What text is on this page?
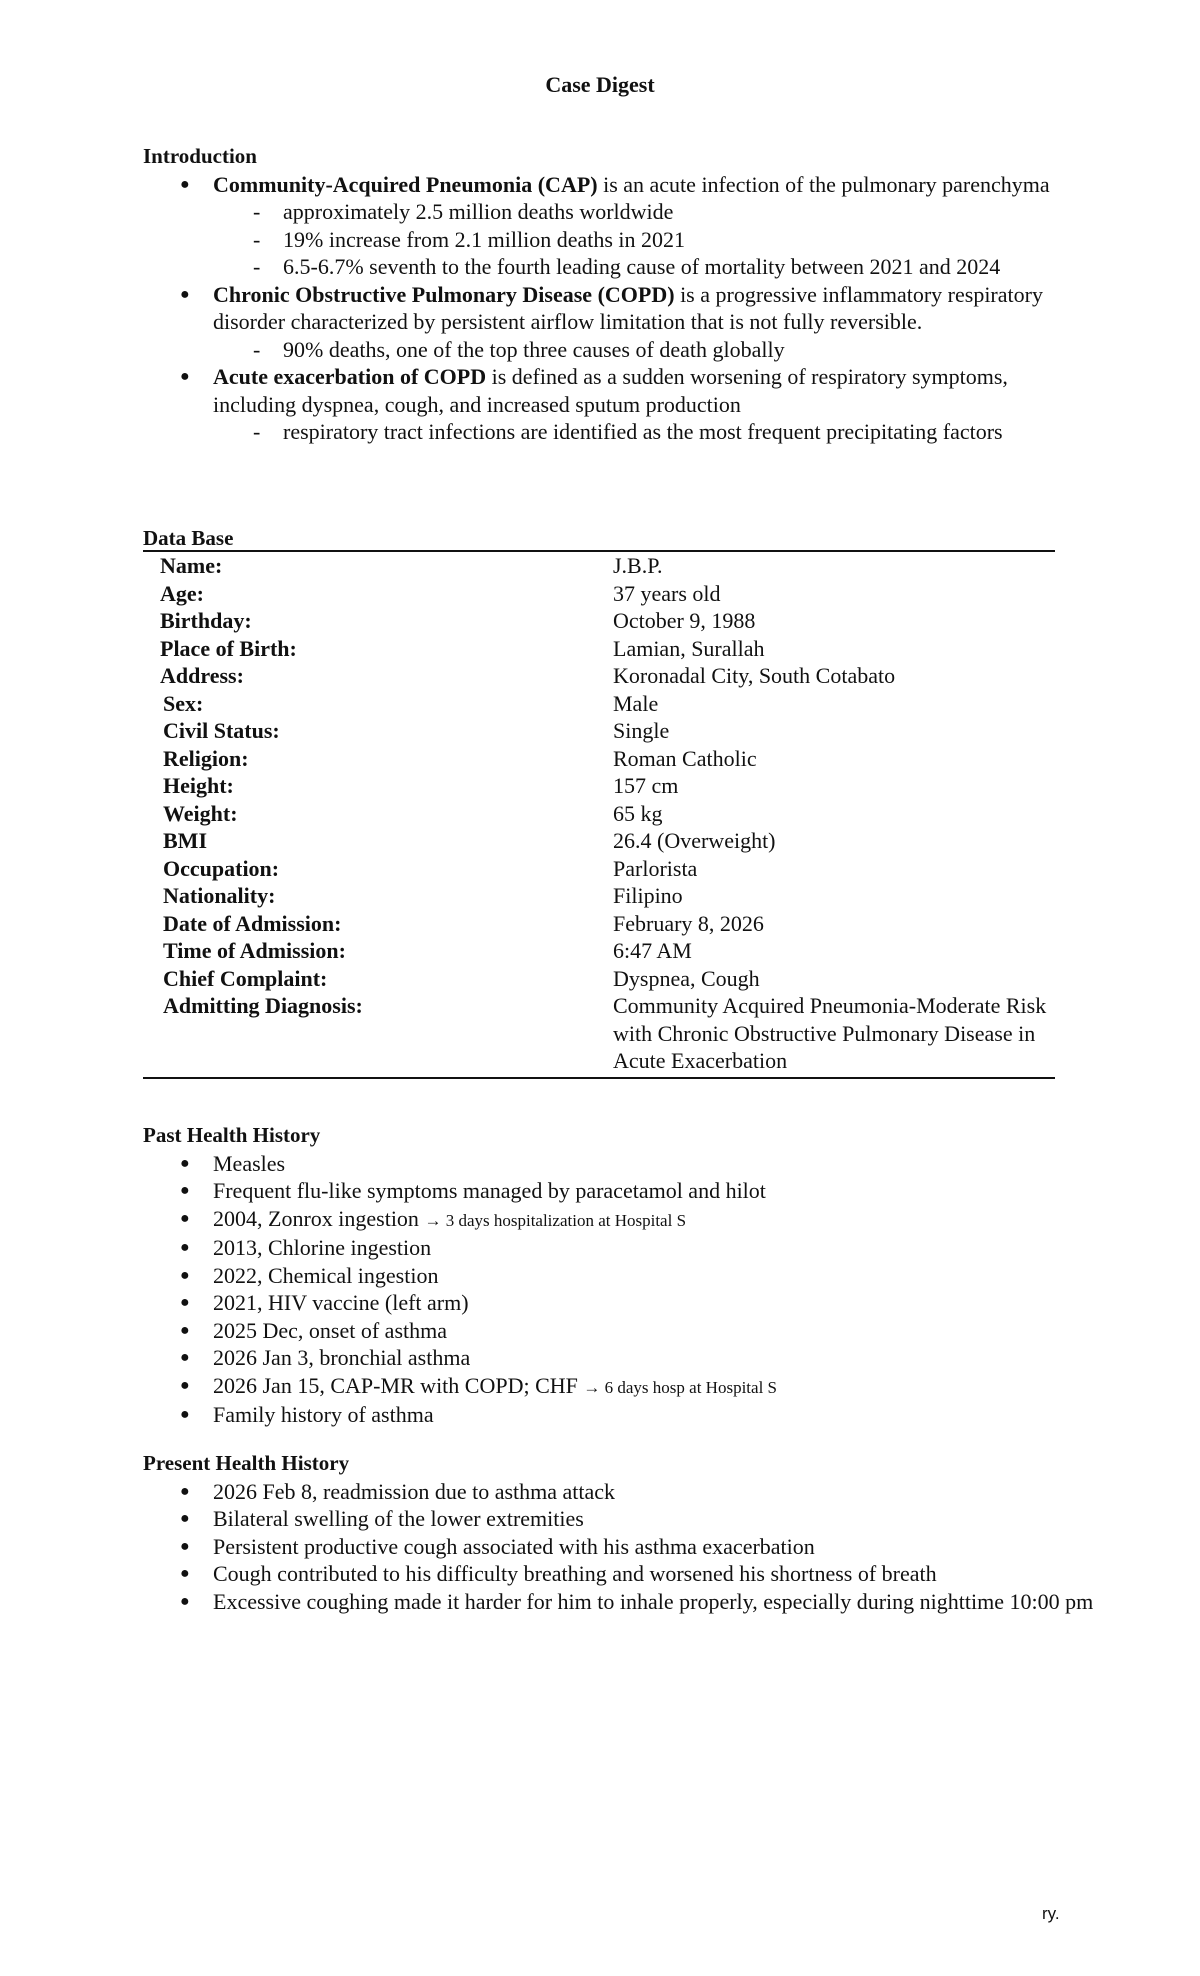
Case Digest
Introduction
● Community-Acquired Pneumonia (CAP) is an acute infection of the pulmonary parenchyma
- approximately 2.5 million deaths worldwide
- 19% increase from 2.1 million deaths in 2021
- 6.5-6.7% seventh to the fourth leading cause of mortality between 2021 and 2024
● Chronic Obstructive Pulmonary Disease (COPD) is a progressive inflammatory respiratory disorder characterized by persistent airflow limitation that is not fully reversible.
- 90% deaths, one of the top three causes of death globally
● Acute exacerbation of COPD is defined as a sudden worsening of respiratory symptoms, including dyspnea, cough, and increased sputum production
- respiratory tract infections are identified as the most frequent precipitating factors
Data Base
Name:	J.B.P.
Age:	37 years old
Birthday:	October 9, 1988
Place of Birth:	Lamian, Surallah
Address:	Koronadal City, South Cotabato
Sex:	Male
Civil Status:	Single
Religion:	Roman Catholic
Height:	157 cm
Weight:	65 kg
BMI	26.4 (Overweight)
Occupation:	Parlorista
Nationality:	Filipino
Date of Admission:	February 8, 2026
Time of Admission:	6:47 AM
Chief Complaint:	Dyspnea, Cough
Admitting Diagnosis:	Community Acquired Pneumonia-Moderate Risk with Chronic Obstructive Pulmonary Disease in Acute Exacerbation
Past Health History
● Measles
● Frequent flu-like symptoms managed by paracetamol and hilot
● 2004, Zonrox ingestion → 3 days hospitalization at Hospital S
● 2013, Chlorine ingestion
● 2022, Chemical ingestion
● 2021, HIV vaccine (left arm)
● 2025 Dec, onset of asthma
● 2026 Jan 3, bronchial asthma
● 2026 Jan 15, CAP-MR with COPD; CHF → 6 days hosp at Hospital S
● Family history of asthma
Present Health History
● 2026 Feb 8, readmission due to asthma attack
● Bilateral swelling of the lower extremities
● Persistent productive cough associated with his asthma exacerbation
● Cough contributed to his difficulty breathing and worsened his shortness of breath
● Excessive coughing made it harder for him to inhale properly, especially during nighttime 10:00 pm
ry.
